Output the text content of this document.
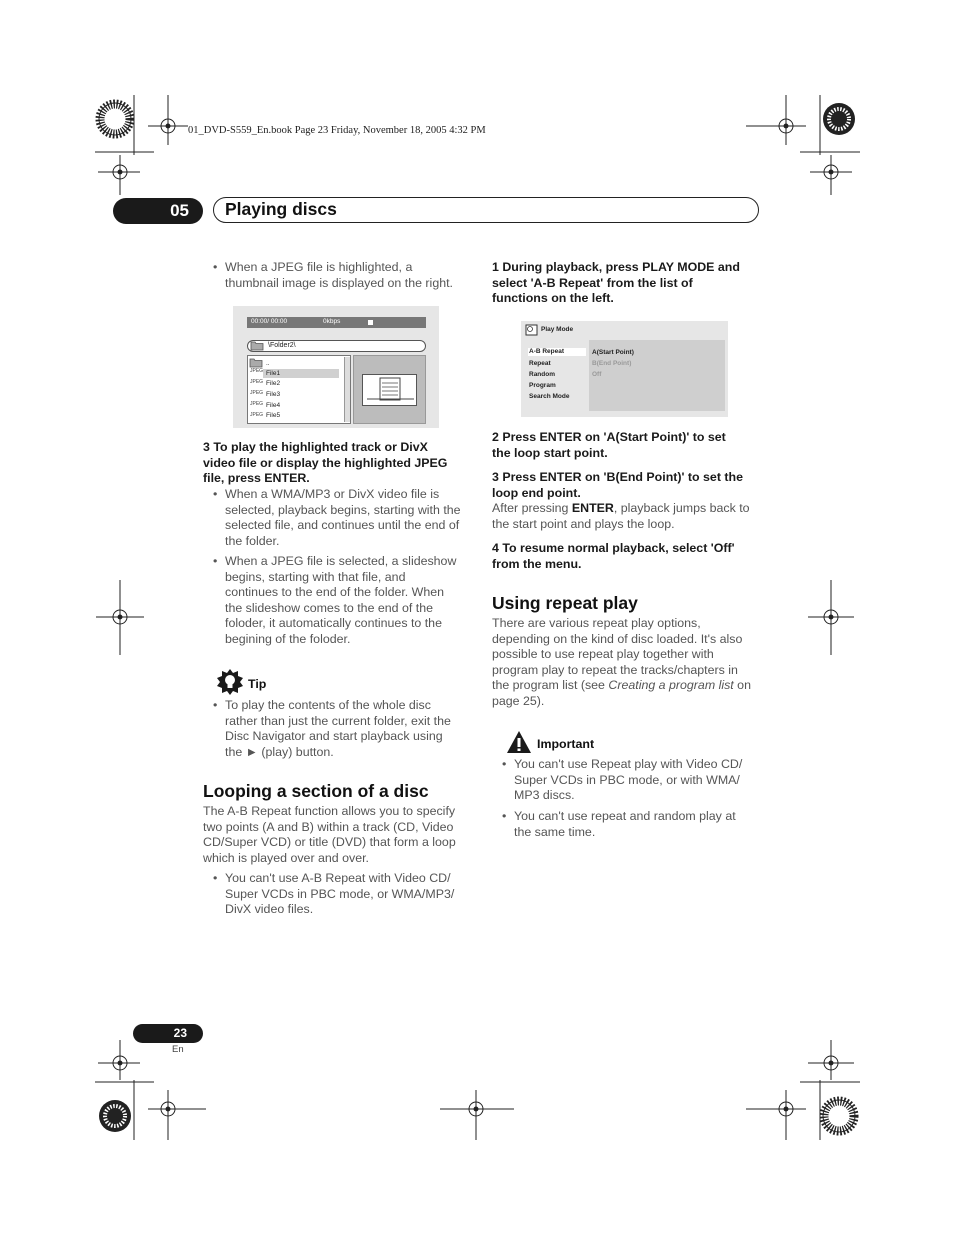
01_DVD-S559_En.book Page 23 Friday, November 18, 2005 4:32 PM
05	Playing discs
• When a JPEG file is highlighted, a
thumbnail image is displayed on the right.
00:00/ 00:00	0kbps
\Folder2\
..
JPEG File1
JPEG File2
JPEG File3
JPEG File4
JPEG File5
3 To play the highlighted track or DivX
video file or display the highlighted JPEG
file, press ENTER.
• When a WMA/MP3 or DivX video file is
selected, playback begins, starting with the
selected file, and continues until the end of
the folder.
• When a JPEG file is selected, a slideshow
begins, starting with that file, and
continues to the end of the folder. When
the slideshow comes to the end of the
foloder, it automatically continues to the
begining of the foloder.
Tip
• To play the contents of the whole disc
rather than just the current folder, exit the
Disc Navigator and start playback using
the ► (play) button.
Looping a section of a disc
The A-B Repeat function allows you to specify
two points (A and B) within a track (CD, Video
CD/Super VCD) or title (DVD) that form a loop
which is played over and over.
• You can't use A-B Repeat with Video CD/
Super VCDs in PBC mode, or WMA/MP3/
DivX video files.
1 During playback, press PLAY MODE and
select 'A-B Repeat' from the list of
functions on the left.
Play Mode
A-B Repeat
Repeat
Random
Program
Search Mode
A(Start Point)
B(End Point)
Off
2 Press ENTER on 'A(Start Point)' to set
the loop start point.
3 Press ENTER on 'B(End Point)' to set the
loop end point.
After pressing ENTER, playback jumps back to
the start point and plays the loop.
4 To resume normal playback, select 'Off'
from the menu.
Using repeat play
There are various repeat play options,
depending on the kind of disc loaded. It's also
possible to use repeat play together with
program play to repeat the tracks/chapters in
the program list (see Creating a program list on
page 25).
Important
• You can't use Repeat play with Video CD/
Super VCDs in PBC mode, or with WMA/
MP3 discs.
• You can't use repeat and random play at
the same time.
23
En
